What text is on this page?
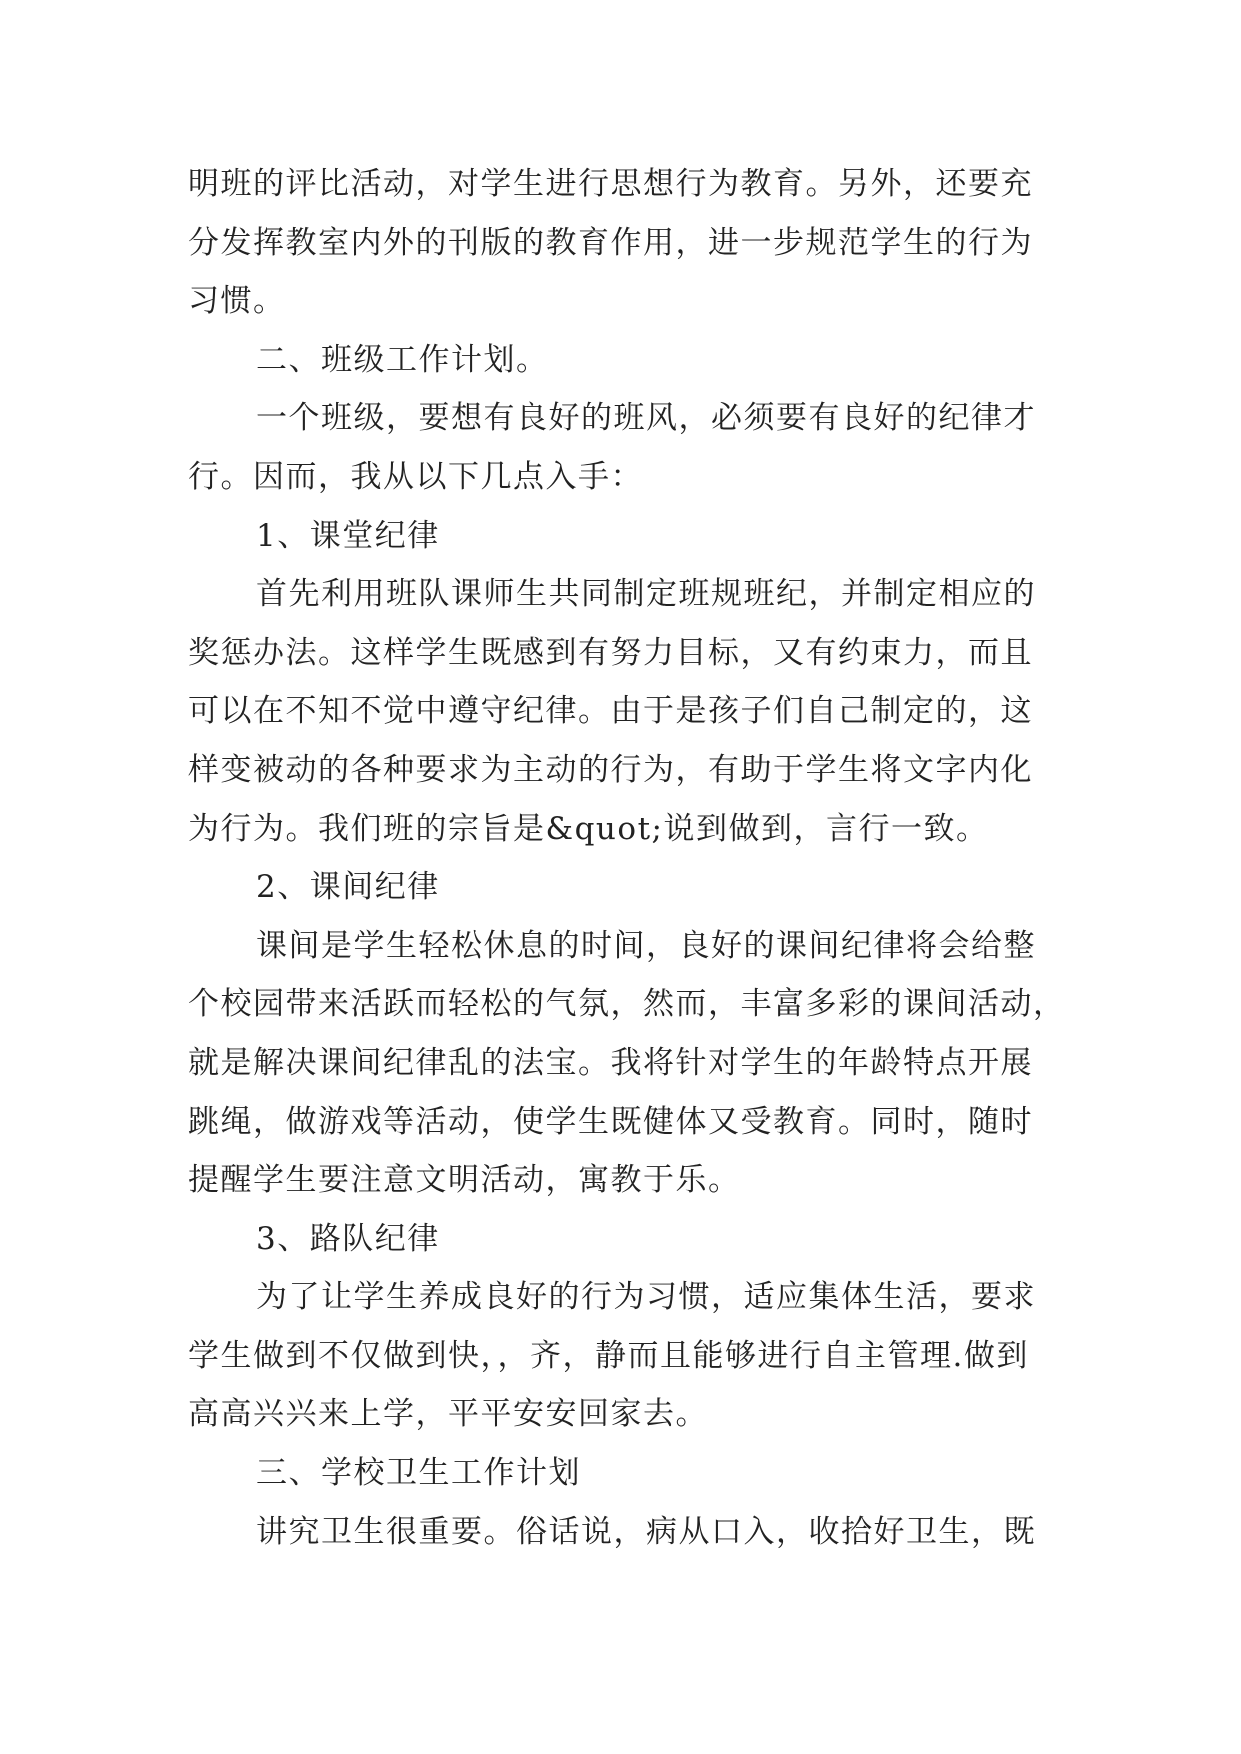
明班的评比活动，对学生进行思想行为教育。另外，还要充
分发挥教室内外的刊版的教育作用，进一步规范学生的行为
习惯。
二、班级工作计划。
一个班级，要想有良好的班风，必须要有良好的纪律才
行。因而，我从以下几点入手：
1、课堂纪律
首先利用班队课师生共同制定班规班纪，并制定相应的
奖惩办法。这样学生既感到有努力目标，又有约束力，而且
可以在不知不觉中遵守纪律。由于是孩子们自己制定的，这
样变被动的各种要求为主动的行为，有助于学生将文字内化
为行为。我们班的宗旨是&quot;说到做到，言行一致。
2、课间纪律
课间是学生轻松休息的时间，良好的课间纪律将会给整
个校园带来活跃而轻松的气氛，然而，丰富多彩的课间活动，
就是解决课间纪律乱的法宝。我将针对学生的年龄特点开展
跳绳，做游戏等活动，使学生既健体又受教育。同时，随时
提醒学生要注意文明活动，寓教于乐。
3、路队纪律
为了让学生养成良好的行为习惯，适应集体生活，要求
学生做到不仅做到快，，齐，静而且能够进行自主管理.做到
高高兴兴来上学，平平安安回家去。
三、学校卫生工作计划
讲究卫生很重要。俗话说，病从口入，收拾好卫生，既
